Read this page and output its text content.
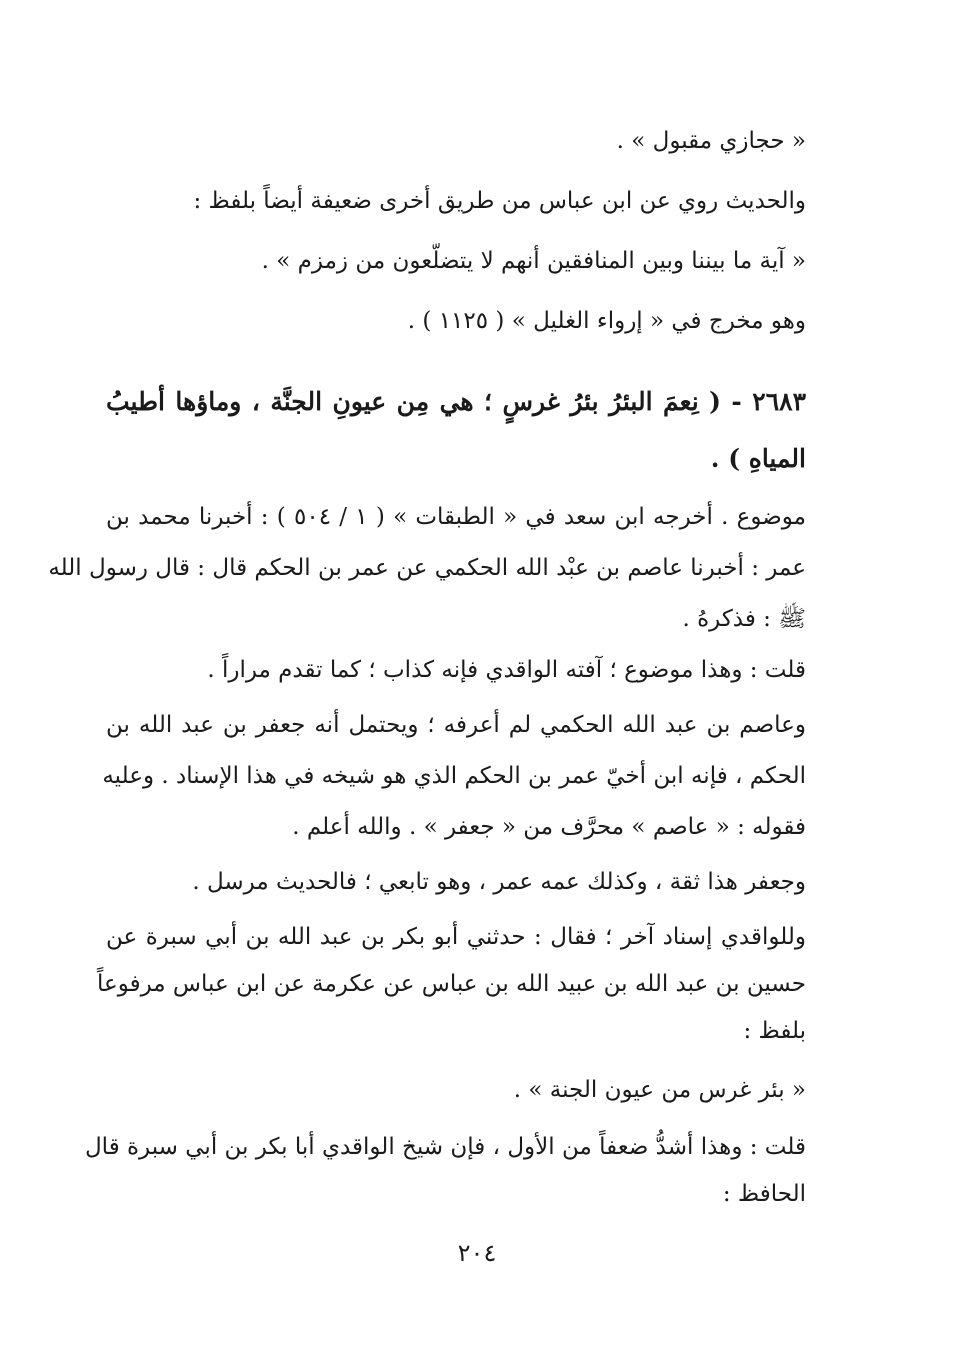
« حجازي مقبول » .
والحديث روي عن ابن عباس من طريق أخرى ضعيفة أيضاً بلفظ :
« آية ما بيننا وبين المنافقين أنهم لا يتضلّعون من زمزم » .
وهو مخرج في « إرواء الغليل » ( ١١٢٥ ) .
٢٦٨٣ - ( نِعمَ البئرُ بئرُ غرسٍ ؛ هي مِن عيونِ الجنَّة ، وماؤها أطيبُ
المياهِ ) .
موضوع . أخرجه ابن سعد في « الطبقات » ( ١ / ٥٠٤ ) : أخبرنا محمد بن
عمر : أخبرنا عاصم بن عبْد الله الحكمي عن عمر بن الحكم قال : قال رسول الله
ﷺ : فذكرهُ .
قلت : وهذا موضوع ؛ آفته الواقدي فإنه كذاب ؛ كما تقدم مراراً .
وعاصم بن عبد الله الحكمي لم أعرفه ؛ ويحتمل أنه جعفر بن عبد الله بن
الحكم ، فإنه ابن أخيّ عمر بن الحكم الذي هو شيخه في هذا الإسناد . وعليه
فقوله : « عاصم » محرَّف من « جعفر » . والله أعلم .
وجعفر هذا ثقة ، وكذلك عمه عمر ، وهو تابعي ؛ فالحديث مرسل .
وللواقدي إسناد آخر ؛ فقال : حدثني أبو بكر بن عبد الله بن أبي سبرة عن
حسين بن عبد الله بن عبيد الله بن عباس عن عكرمة عن ابن عباس مرفوعاً
بلفظ :
« بئر غرس من عيون الجنة » .
قلت : وهذا أشدُّ ضعفاً من الأول ، فإن شيخ الواقدي أبا بكر بن أبي سبرة قال
الحافظ :
٢٠٤
